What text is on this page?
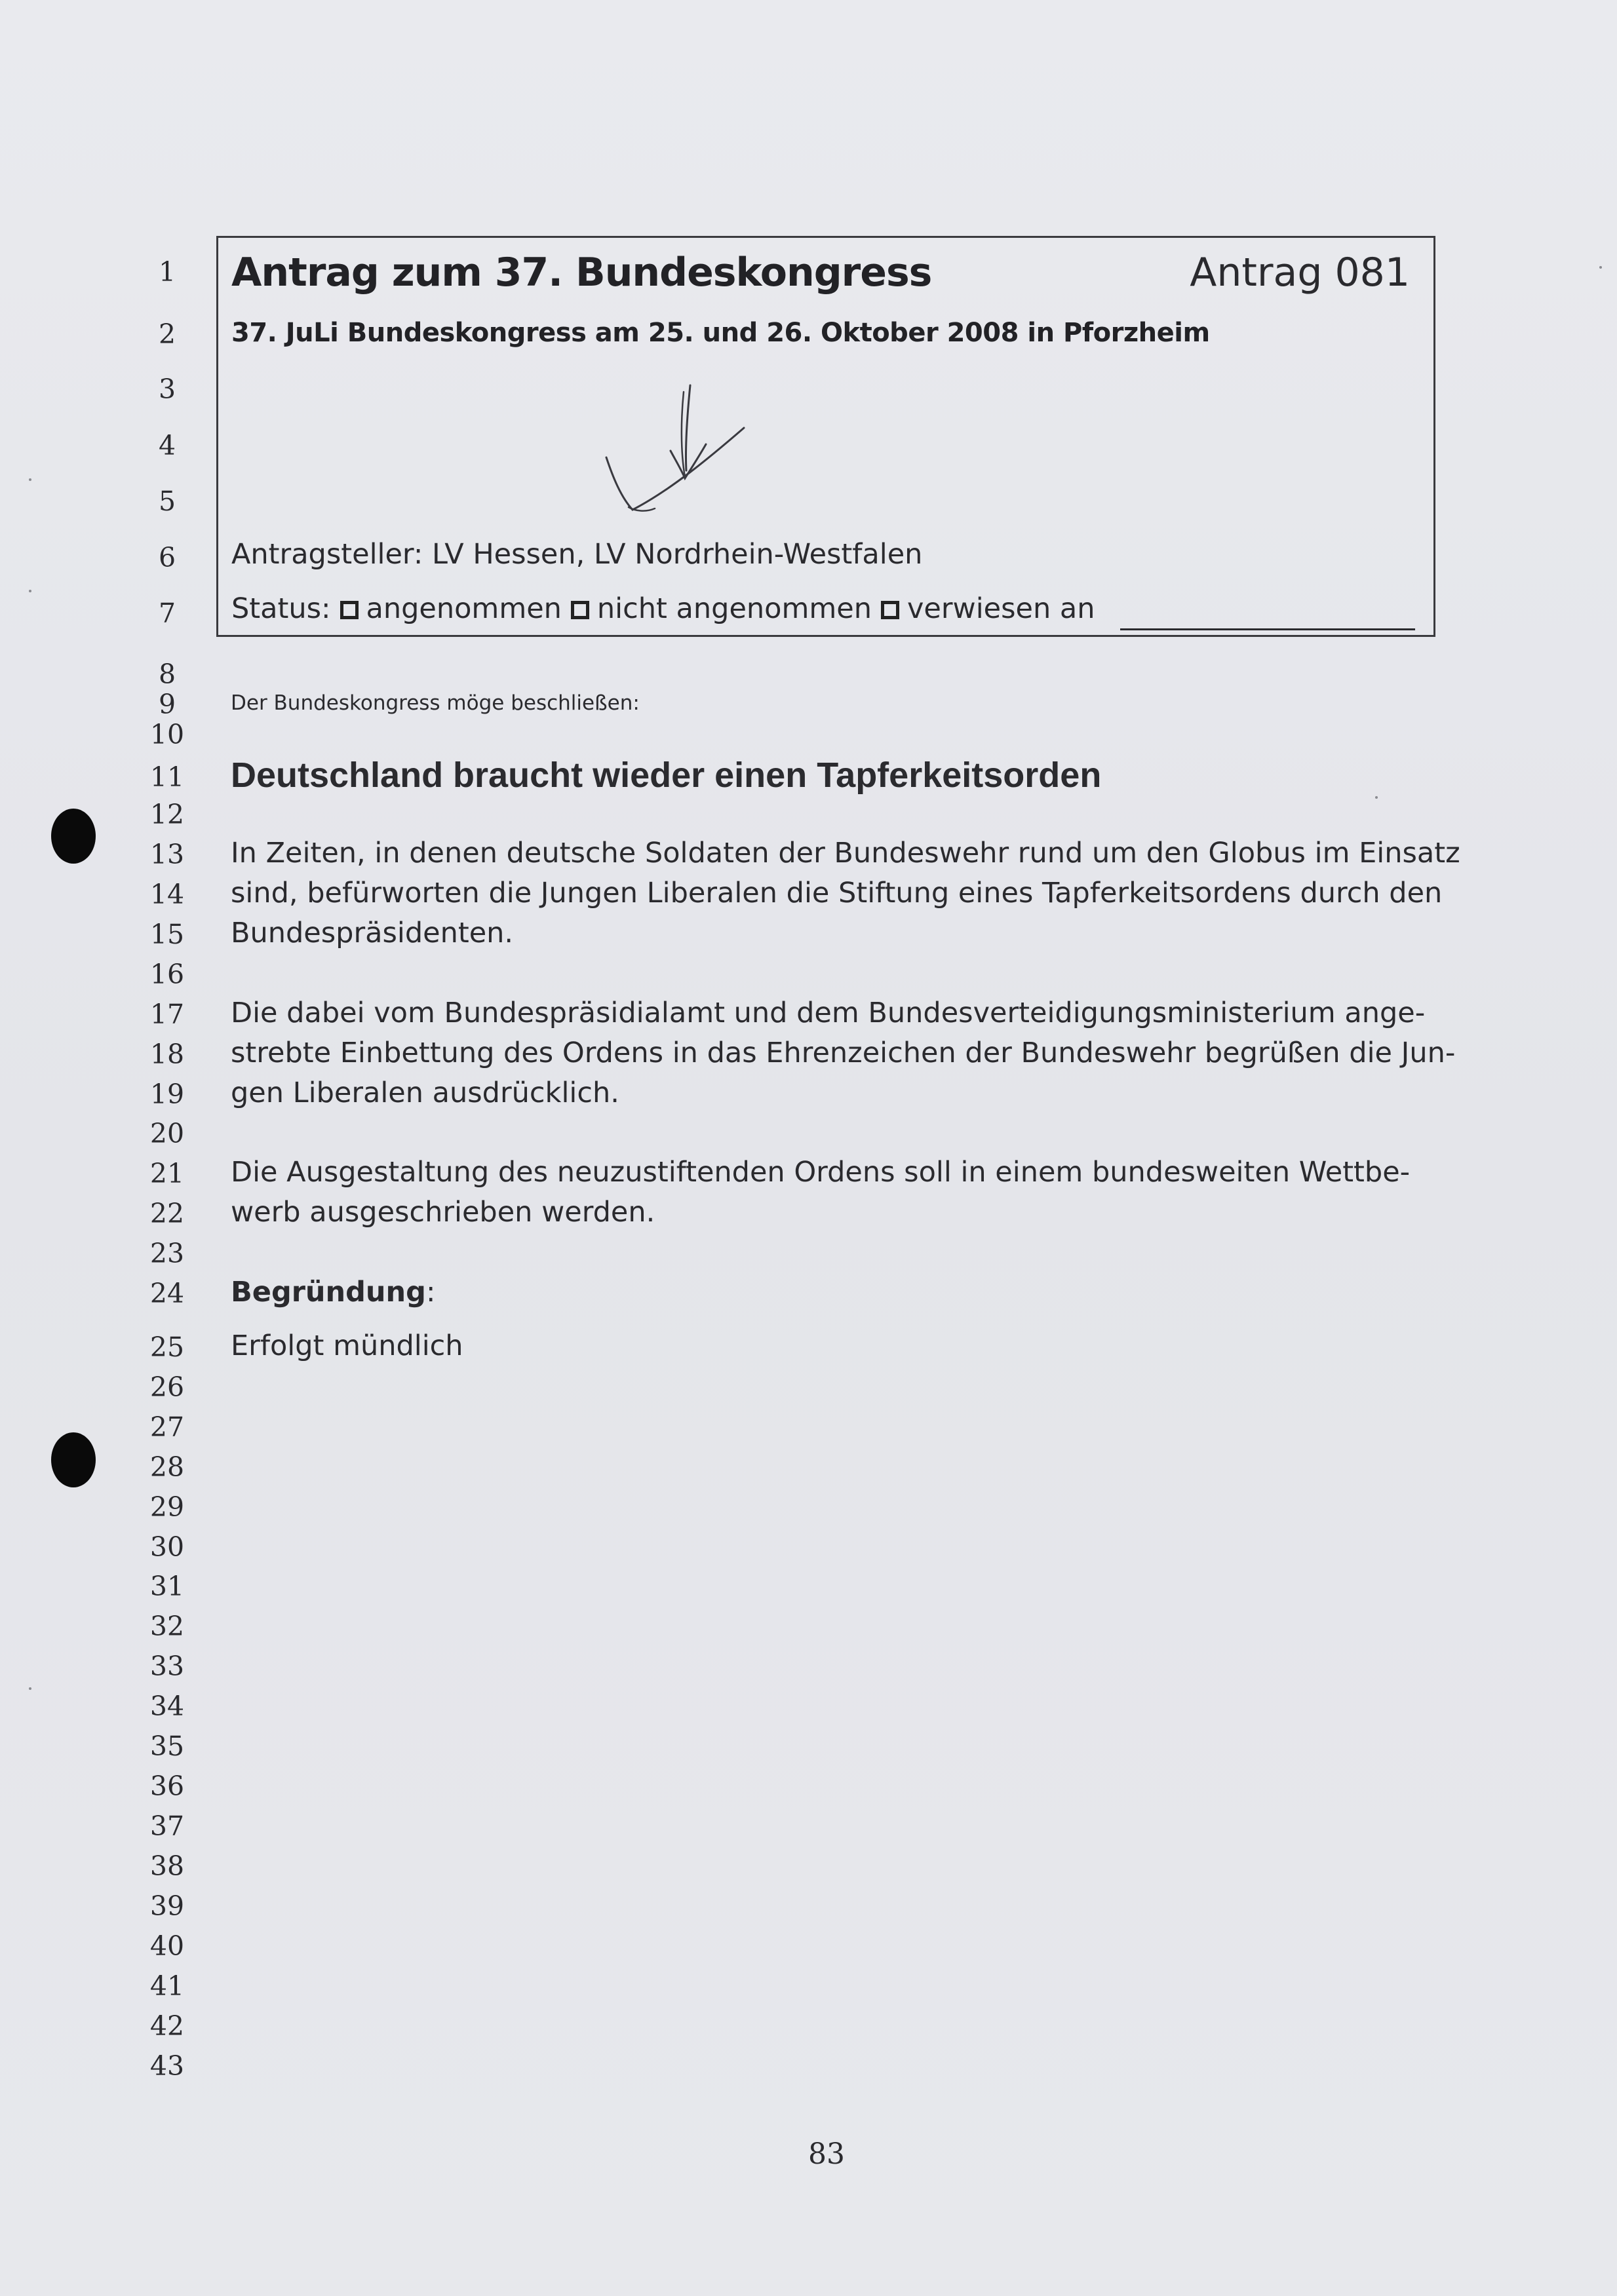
1
2
3
4
5
6
7
8
9
10
11
12
13
14
15
16
17
18
19
20
21
22
23
24
25
26
27
28
29
30
31
32
33
34
35
36
37
38
39
40
41
42
43
Antrag zum 37. Bundeskongress	Antrag 081
37. JuLi Bundeskongress am 25. und 26. Oktober 2008 in Pforzheim
Antragsteller: LV Hessen, LV Nordrhein-Westfalen
Status: angenommen nicht angenommen verwiesen an
Der Bundeskongress möge beschließen:
Deutschland braucht wieder einen Tapferkeitsorden
In Zeiten, in denen deutsche Soldaten der Bundeswehr rund um den Globus im Einsatz
sind, befürworten die Jungen Liberalen die Stiftung eines Tapferkeitsordens durch den
Bundespräsidenten.
Die dabei vom Bundespräsidialamt und dem Bundesverteidigungsministerium ange-
strebte Einbettung des Ordens in das Ehrenzeichen der Bundeswehr begrüßen die Jun-
gen Liberalen ausdrücklich.
Die Ausgestaltung des neuzustiftenden Ordens soll in einem bundesweiten Wettbe-
werb ausgeschrieben werden.
Begründung:
Erfolgt mündlich
83
